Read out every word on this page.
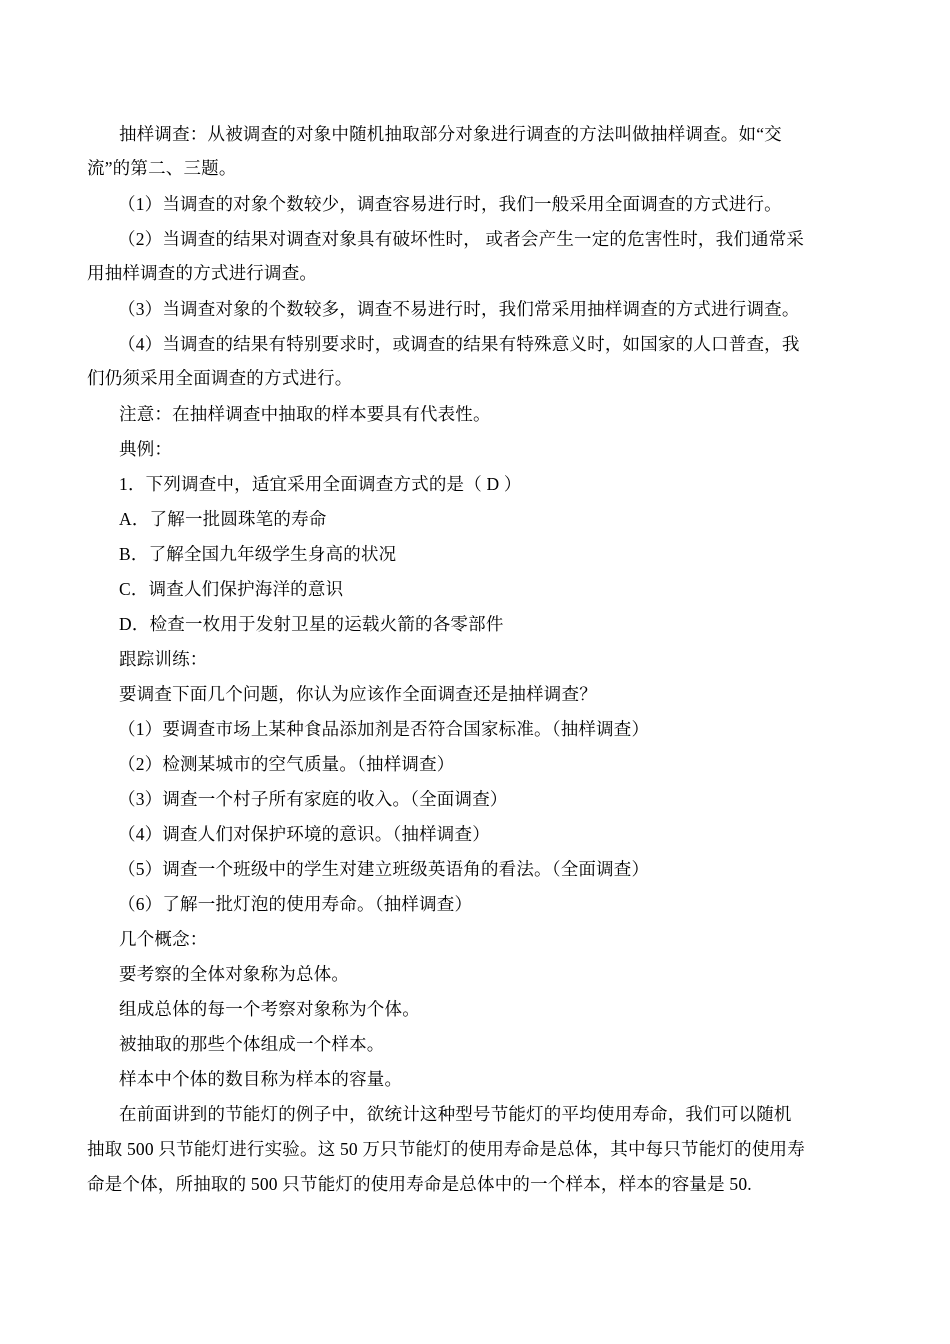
抽样调查：从被调查的对象中随机抽取部分对象进行调查的方法叫做抽样调查。如“交
流”的第二、三题。
（1）当调查的对象个数较少，调查容易进行时，我们一般采用全面调查的方式进行。
（2）当调查的结果对调查对象具有破坏性时， 或者会产生一定的危害性时，我们通常采
用抽样调查的方式进行调查。
（3）当调查对象的个数较多，调查不易进行时，我们常采用抽样调查的方式进行调查。
（4）当调查的结果有特别要求时，或调查的结果有特殊意义时，如国家的人口普查，我
们仍须采用全面调查的方式进行。
注意：在抽样调查中抽取的样本要具有代表性。
典例：
1．下列调查中，适宜采用全面调查方式的是（ D ）
A．了解一批圆珠笔的寿命
B．了解全国九年级学生身高的状况
C．调查人们保护海洋的意识
D．检查一枚用于发射卫星的运载火箭的各零部件
跟踪训练：
要调查下面几个问题，你认为应该作全面调查还是抽样调查？
（1）要调查市场上某种食品添加剂是否符合国家标准。（抽样调查）
（2）检测某城市的空气质量。（抽样调查）
（3）调查一个村子所有家庭的收入。（全面调查）
（4）调查人们对保护环境的意识。（抽样调查）
（5）调查一个班级中的学生对建立班级英语角的看法。（全面调查）
（6）了解一批灯泡的使用寿命。（抽样调查）
几个概念：
要考察的全体对象称为总体。
组成总体的每一个考察对象称为个体。
被抽取的那些个体组成一个样本。
样本中个体的数目称为样本的容量。
在前面讲到的节能灯的例子中，欲统计这种型号节能灯的平均使用寿命，我们可以随机
抽取 500 只节能灯进行实验。这 50 万只节能灯的使用寿命是总体，其中每只节能灯的使用寿
命是个体，所抽取的 500 只节能灯的使用寿命是总体中的一个样本，样本的容量是 50.
